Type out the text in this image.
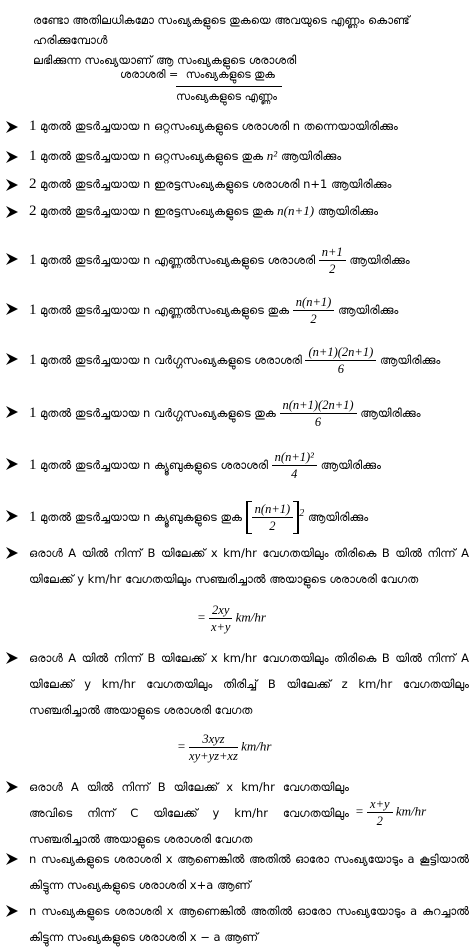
രണ്ടോ അതിലധികമോ സംഖ്യകളുടെ തുകയെ അവയുടെ എണ്ണം കൊണ്ട് ഹരിക്കുമ്പോൾ
ലഭിക്കുന്ന സംഖ്യയാണ് ആ സംഖ്യകളുടെ ശരാശരി
ശരാശരി = സംഖ്യകളുടെ തുക
സംഖ്യകളുടെ എണ്ണം
1 മുതൽ തുടർച്ചയായ n ഒറ്റസംഖ്യകളുടെ ശരാശരി n തന്നെയായിരിക്കും
1 മുതൽ തുടർച്ചയായ n ഒറ്റസംഖ്യകളുടെ തുക n² ആയിരിക്കും
2 മുതൽ തുടർച്ചയായ n ഇരട്ടസംഖ്യകളുടെ ശരാശരി n+1 ആയിരിക്കും
2 മുതൽ തുടർച്ചയായ n ഇരട്ടസംഖ്യകളുടെ തുക n(n+1) ആയിരിക്കും
1 മുതൽ തുടർച്ചയായ n എണ്ണൽസംഖ്യകളുടെ ശരാശരി $\frac{n+1}{2}$ ആയിരിക്കും
1 മുതൽ തുടർച്ചയായ n എണ്ണൽസംഖ്യകളുടെ തുക $\frac{n(n+1)}{2}$ ആയിരിക്കും
1 മുതൽ തുടർച്ചയായ n വർഗ്ഗസംഖ്യകളുടെ ശരാശരി $\frac{(n+1)(2n+1)}{6}$ ആയിരിക്കും
1 മുതൽ തുടർച്ചയായ n വർഗ്ഗസംഖ്യകളുടെ തുക $\frac{n(n+1)(2n+1)}{6}$ ആയിരിക്കും
1 മുതൽ തുടർച്ചയായ n ക്യൂബുകളുടെ ശരാശരി $\frac{\text{n(n+1)²}}{4}$ ആയിരിക്കും
1 മുതൽ തുടർച്ചയായ n ക്യൂബുകളുടെ തുക $\frac{n(n+1)}{2} ^2$ ആയിരിക്കും
ഒരാൾ A യിൽ നിന്ന് B യിലേക്ക് x km/hr വേഗതയിലും തിരികെ B യിൽ നിന്ന് A യിലേക്ക് y km/hr വേഗതയിലും സഞ്ചരിച്ചാൽ അയാളുടെ ശരാശരി വേഗത
= $\frac{2xy}{x+y} km/hr$
ഒരാൾ A യിൽ നിന്ന് B യിലേക്ക് x km/hr വേഗതയിലും തിരികെ B യിൽ നിന്ന് A യിലേക്ക് y km/hr വേഗതയിലും തിരിച്ച് B യിലേക്ക് z km/hr വേഗതയിലും സഞ്ചരിച്ചാൽ അയാളുടെ ശരാശരി വേഗത
= $\frac{\text{3xyz}}{xy+yz+xz} km/hr$
ഒരാൾ A യിൽ നിന്ന് B യിലേക്ക് x km/hr വേഗതയിലും അവിടെ നിന്ന് C യിലേക്ക് y km/hr വേഗതയിലും സഞ്ചരിച്ചാൽ അയാളുടെ ശരാശരി വേഗത
= $\frac{x+y}{2} km/hr$
n സംഖ്യകളുടെ ശരാശരി x ആണെങ്കിൽ അതിൽ ഓരോ സംഖ്യയോടും a കൂട്ടിയാൽ കിട്ടുന്ന സംഖ്യകളുടെ ശരാശരി x+a ആണ്
n സംഖ്യകളുടെ ശരാശരി x ആണെങ്കിൽ അതിൽ ഓരോ സംഖ്യയോടും a കുറച്ചാൽ കിട്ടുന്ന സംഖ്യകളുടെ ശരാശരി x − a ആണ്
